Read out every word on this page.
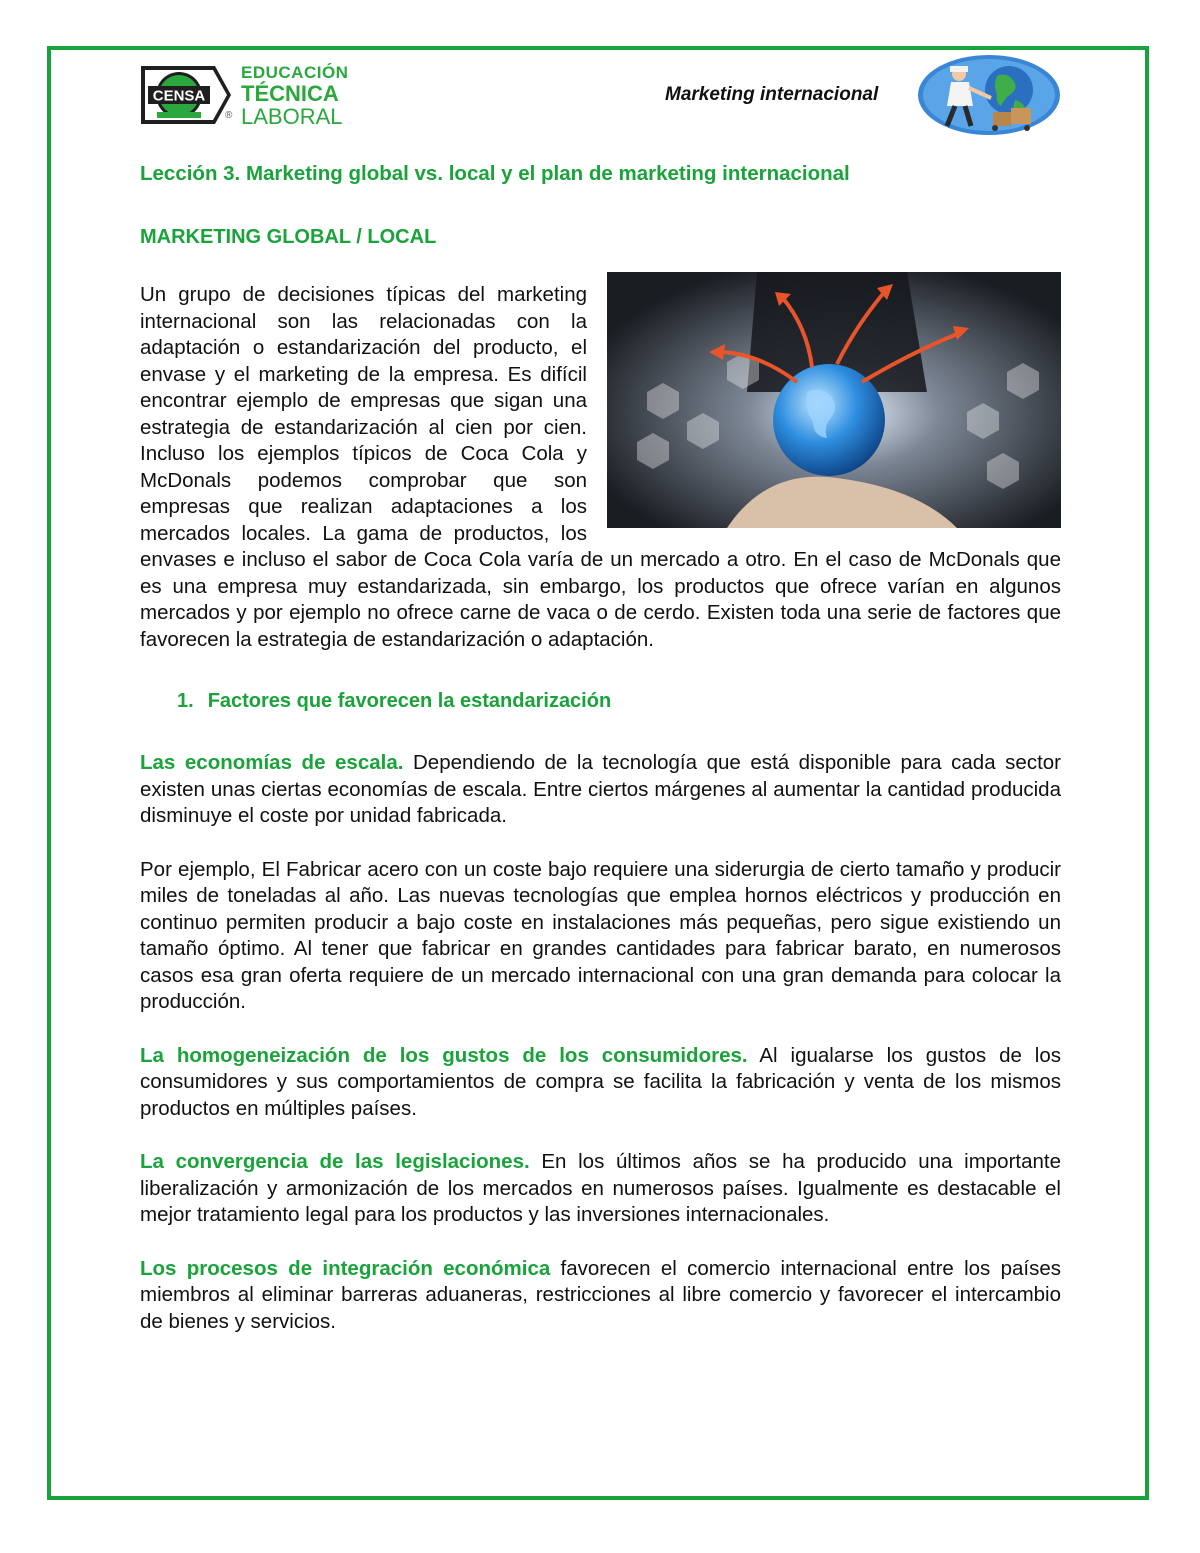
CENSA
EDUCACIÓN
TÉCNICA
LABORAL
®
Marketing internacional
Lección 3. Marketing global vs. local y el plan de marketing internacional
MARKETING GLOBAL / LOCAL

Un grupo de decisiones típicas del marketing internacional son las relacionadas con la adaptación o estandarización del producto, el envase y el marketing de la empresa. Es difícil encontrar ejemplo de empresas que sigan una estrategia de estandarización al cien por cien. Incluso los ejemplos típicos de Coca Cola y McDonals podemos comprobar que son empresas que realizan adaptaciones a los mercados locales. La gama de productos, los envases e incluso el sabor de Coca Cola varía de un mercado a otro. En el caso de McDonals que es una empresa muy estandarizada, sin embargo, los productos que ofrece varían en algunos mercados y por ejemplo no ofrece carne de vaca o de cerdo. Existen toda una serie de factores que favorecen la estrategia de estandarización o adaptación.

1. Factores que favorecen la estandarización

Las economías de escala. Dependiendo de la tecnología que está disponible para cada sector existen unas ciertas economías de escala. Entre ciertos márgenes al aumentar la cantidad producida disminuye el coste por unidad fabricada.

Por ejemplo, El Fabricar acero con un coste bajo requiere una siderurgia de cierto tamaño y producir miles de toneladas al año. Las nuevas tecnologías que emplea hornos eléctricos y producción en continuo permiten producir a bajo coste en instalaciones más pequeñas, pero sigue existiendo un tamaño óptimo. Al tener que fabricar en grandes cantidades para fabricar barato, en numerosos casos esa gran oferta requiere de un mercado internacional con una gran demanda para colocar la producción.

La homogeneización de los gustos de los consumidores. Al igualarse los gustos de los consumidores y sus comportamientos de compra se facilita la fabricación y venta de los mismos productos en múltiples países.

La convergencia de las legislaciones. En los últimos años se ha producido una importante liberalización y armonización de los mercados en numerosos países. Igualmente es destacable el mejor tratamiento legal para los productos y las inversiones internacionales.

Los procesos de integración económica favorecen el comercio internacional entre los países miembros al eliminar barreras aduaneras, restricciones al libre comercio y favorecer el intercambio de bienes y servicios.
